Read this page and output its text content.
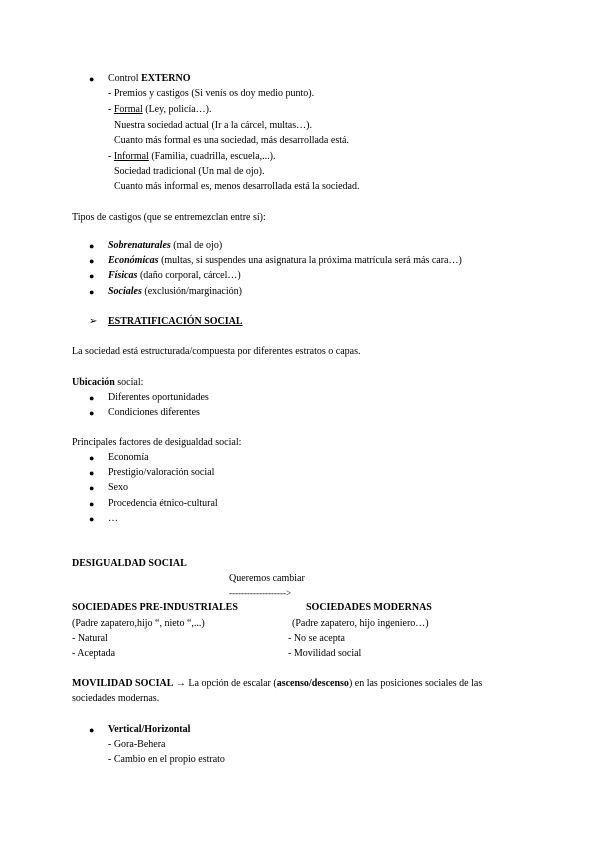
● Control EXTERNO
- Premios y castigos (Si venís os doy medio punto).
- Formal (Ley, policía…).
Nuestra sociedad actual (Ir a la cárcel, multas…).
Cuanto más formal es una sociedad, más desarrollada está.
- Informal (Familia, cuadrilla, escuela,...).
Sociedad tradicional (Un mal de ojo).
Cuanto más informal es, menos desarrollada está la sociedad.
Tipos de castigos (que se entremezclan entre sí):
● Sobrenaturales (mal de ojo)
● Económicas (multas, si suspendes una asignatura la próxima matrícula será más cara…)
● Físicas (daño corporal, cárcel…)
● Sociales (exclusión/marginación)
➢ ESTRATIFICACIÓN SOCIAL
La sociedad está estructurada/compuesta por diferentes estratos o capas.
Ubicación social:
● Diferentes oportunidades
● Condiciones diferentes
Principales factores de desigualdad social:
● Economía
● Prestigio/valoración social
● Sexo
● Procedencia étnico-cultural
● …
DESIGUALDAD SOCIAL
Queremos cambiar
------------------->
SOCIEDADES PRE-INDUSTRIALES	SOCIEDADES MODERNAS
(Padre zapatero,hijo “, nieto “,...)	(Padre zapatero, hijo ingeniero…)
- Natural	- No se acepta
- Aceptada	- Movilidad social
MOVILIDAD SOCIAL → La opción de escalar (ascenso/descenso) en las posiciones sociales de las
sociedades modernas.
● Vertical/Horizontal
- Gora-Behera
- Cambio en el propio estrato
